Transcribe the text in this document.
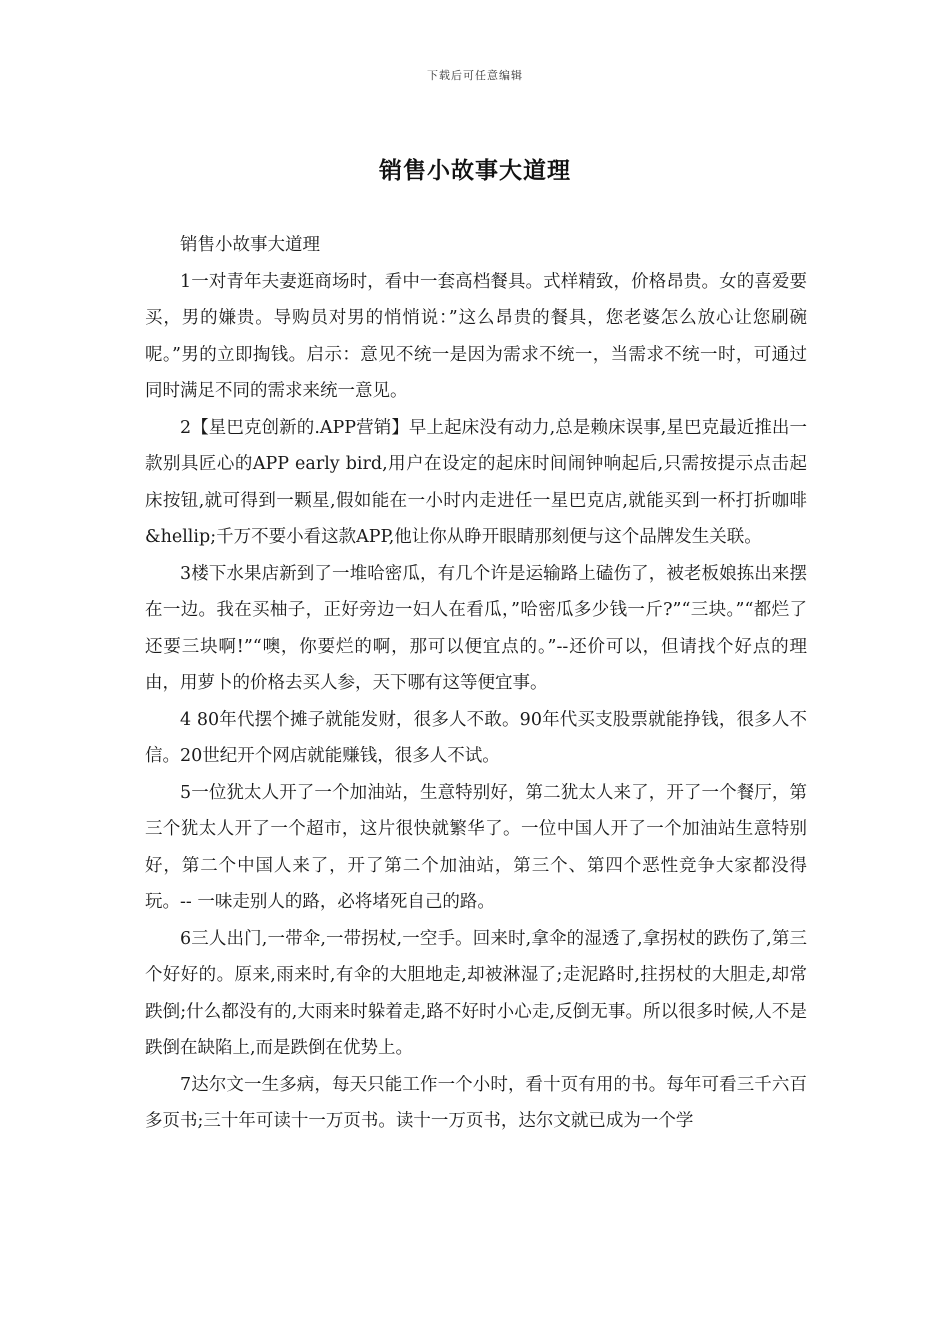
下载后可任意编辑
销售小故事大道理

销售小故事大道理

1一对青年夫妻逛商场时，看中一套高档餐具。式样精致，价格昂贵。女的喜爱要买，男的嫌贵。导购员对男的悄悄说：”这么昂贵的餐具，您老婆怎么放心让您刷碗呢。”男的立即掏钱。启示：意见不统一是因为需求不统一，当需求不统一时，可通过同时满足不同的需求来统一意见。

2【星巴克创新的.APP营销】早上起床没有动力,总是赖床误事,星巴克最近推出一款别具匠心的APP early bird,用户在设定的起床时间闹钟响起后,只需按提示点击起床按钮,就可得到一颗星,假如能在一小时内走进任一星巴克店,就能买到一杯打折咖啡&hellip;千万不要小看这款APP,他让你从睁开眼睛那刻便与这个品牌发生关联。

3楼下水果店新到了一堆哈密瓜，有几个许是运输路上磕伤了，被老板娘拣出来摆在一边。我在买柚子，正好旁边一妇人在看瓜，”哈密瓜多少钱一斤?”“三块。”“都烂了还要三块啊!”“噢，你要烂的啊，那可以便宜点的。”--还价可以，但请找个好点的理由，用萝卜的价格去买人参，天下哪有这等便宜事。

4 80年代摆个摊子就能发财，很多人不敢。90年代买支股票就能挣钱，很多人不信。20世纪开个网店就能赚钱，很多人不试。

5一位犹太人开了一个加油站，生意特别好，第二犹太人来了，开了一个餐厅，第三个犹太人开了一个超市，这片很快就繁华了。一位中国人开了一个加油站生意特别好，第二个中国人来了，开了第二个加油站，第三个、第四个恶性竞争大家都没得玩。-- 一味走别人的路，必将堵死自己的路。

6三人出门,一带伞,一带拐杖,一空手。回来时,拿伞的湿透了,拿拐杖的跌伤了,第三个好好的。原来,雨来时,有伞的大胆地走,却被淋湿了;走泥路时,拄拐杖的大胆走,却常跌倒;什么都没有的,大雨来时躲着走,路不好时小心走,反倒无事。所以很多时候,人不是跌倒在缺陷上,而是跌倒在优势上。

7达尔文一生多病，每天只能工作一个小时，看十页有用的书。每年可看三千六百多页书;三十年可读十一万页书。读十一万页书，达尔文就已成为一个学
